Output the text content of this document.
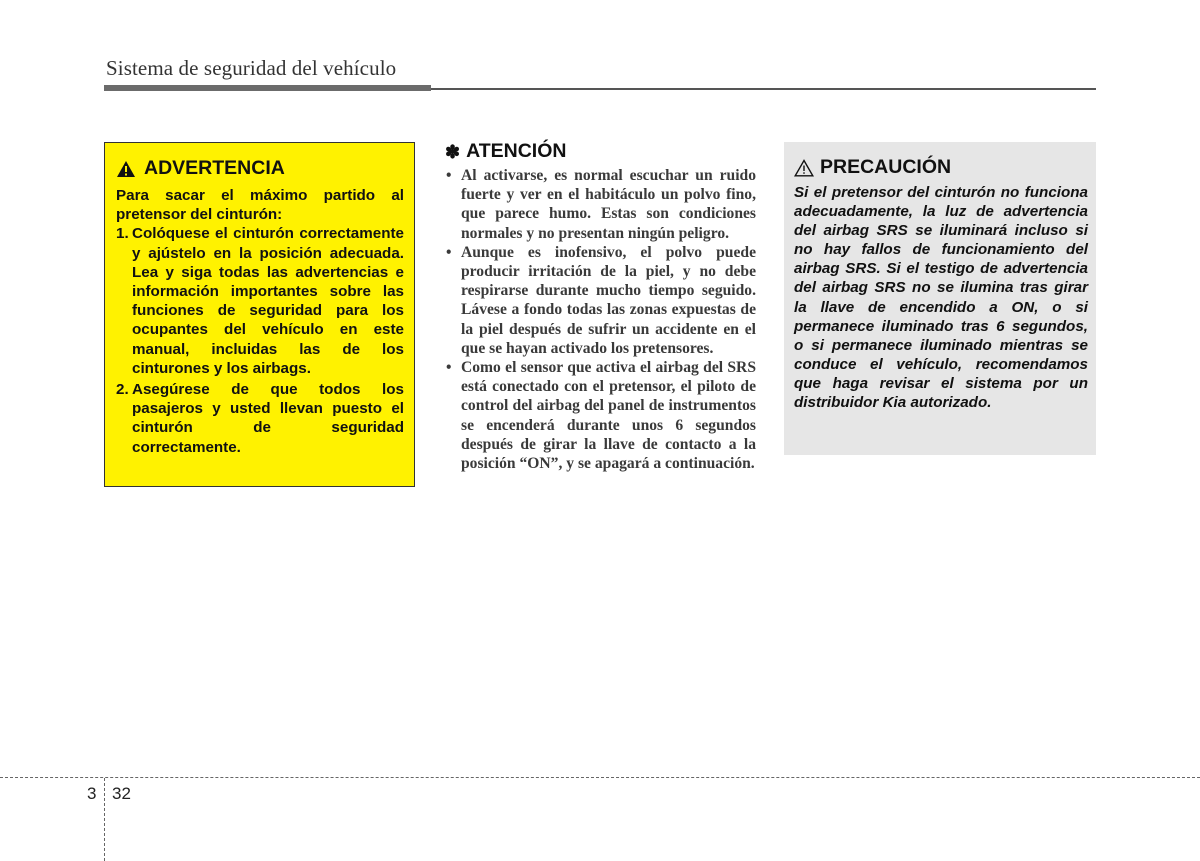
Sistema de seguridad del vehículo
ADVERTENCIA

Para sacar el máximo partido al pretensor del cinturón:

1. Colóquese el cinturón correctamente y ajústelo en la posición adecuada. Lea y siga todas las advertencias e información importantes sobre las funciones de seguridad para los ocupantes del vehículo en este manual, incluidas las de los cinturones y los airbags.
2. Asegúrese de que todos los pasajeros y usted llevan puesto el cinturón de seguridad correctamente.
✽ ATENCIÓN
• Al activarse, es normal escuchar un ruido fuerte y ver en el habitáculo un polvo fino, que parece humo. Estas son condiciones normales y no presentan ningún peligro.
• Aunque es inofensivo, el polvo puede producir irritación de la piel, y no debe respirarse durante mucho tiempo seguido. Lávese a fondo todas las zonas expuestas de la piel después de sufrir un accidente en el que se hayan activado los pretensores.
• Como el sensor que activa el airbag del SRS está conectado con el pretensor, el piloto de control del airbag del panel de instrumentos se encenderá durante unos 6 segundos después de girar la llave de contacto a la posición “ON”, y se apagará a continuación.
PRECAUCIÓN

Si el pretensor del cinturón no funciona adecuadamente, la luz de advertencia del airbag SRS se iluminará incluso si no hay fallos de funcionamiento del airbag SRS. Si el testigo de advertencia del airbag SRS no se ilumina tras girar la llave de encendido a ON, o si permanece iluminado tras 6 segundos, o si permanece iluminado mientras se conduce el vehículo, recomendamos que haga revisar el sistema por un distribuidor Kia autorizado.

3 32
